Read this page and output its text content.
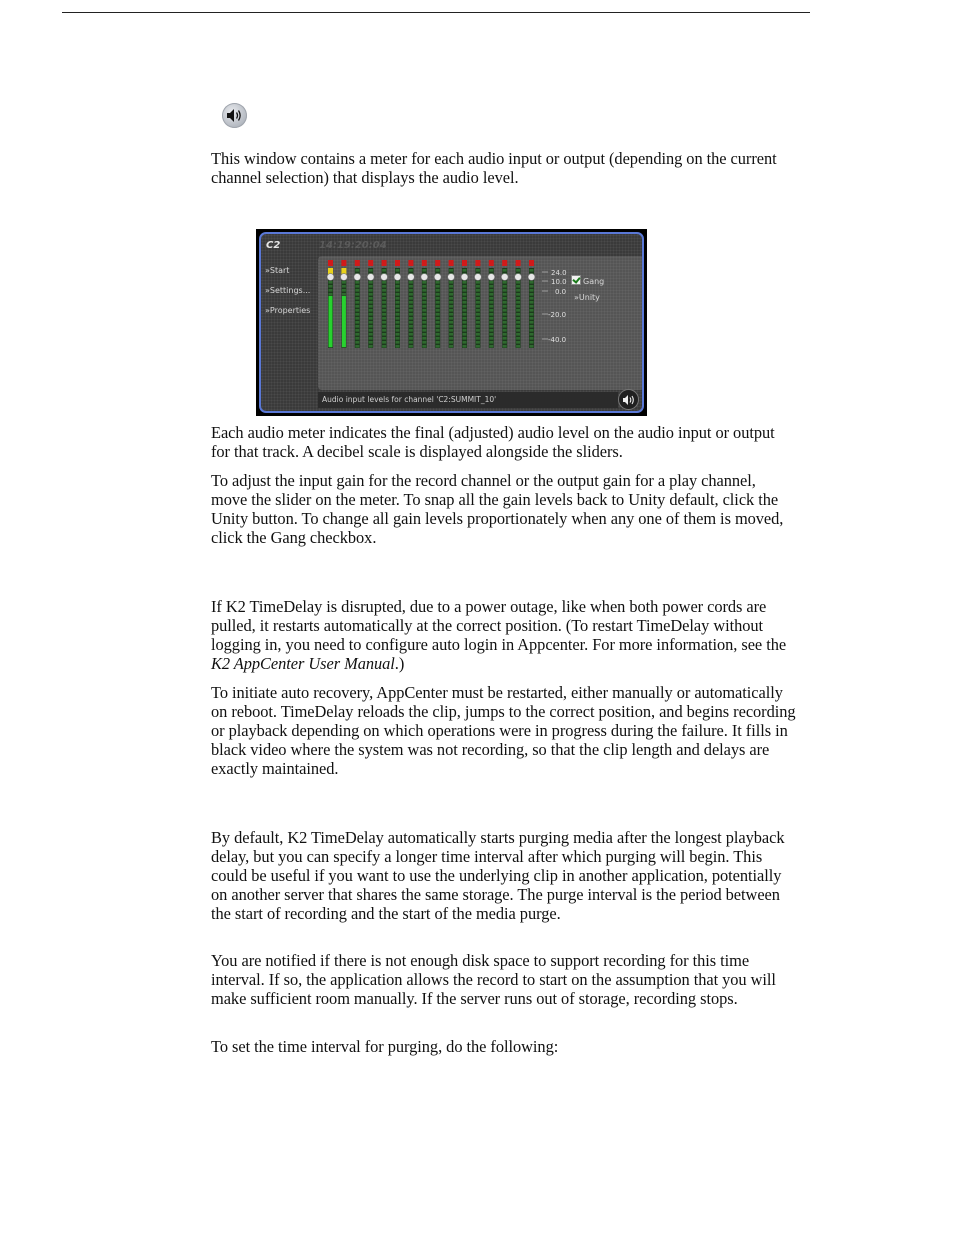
This window contains a meter for each audio input or output (depending on the current channel selection) that displays the audio level.

C2	14:19:20:04
»Start
»Settings...
»Properties
24.0
10.0
0.0
-20.0
-40.0
Gang
»Unity
Audio input levels for channel 'C2:SUMMIT_10'

Each audio meter indicates the final (adjusted) audio level on the audio input or output for that track. A decibel scale is displayed alongside the sliders.

To adjust the input gain for the record channel or the output gain for a play channel, move the slider on the meter. To snap all the gain levels back to Unity default, click the Unity button. To change all gain levels proportionately when any one of them is moved, click the Gang checkbox.

If K2 TimeDelay is disrupted, due to a power outage, like when both power cords are pulled, it restarts automatically at the correct position. (To restart TimeDelay without logging in, you need to configure auto login in Appcenter. For more information, see the K2 AppCenter User Manual.)

To initiate auto recovery, AppCenter must be restarted, either manually or automatically on reboot. TimeDelay reloads the clip, jumps to the correct position, and begins recording or playback depending on which operations were in progress during the failure. It fills in black video where the system was not recording, so that the clip length and delays are exactly maintained.

By default, K2 TimeDelay automatically starts purging media after the longest playback delay, but you can specify a longer time interval after which purging will begin. This could be useful if you want to use the underlying clip in another application, potentially on another server that shares the same storage. The purge interval is the period between the start of recording and the start of the media purge.

You are notified if there is not enough disk space to support recording for this time interval. If so, the application allows the record to start on the assumption that you will make sufficient room manually. If the server runs out of storage, recording stops.

To set the time interval for purging, do the following:
